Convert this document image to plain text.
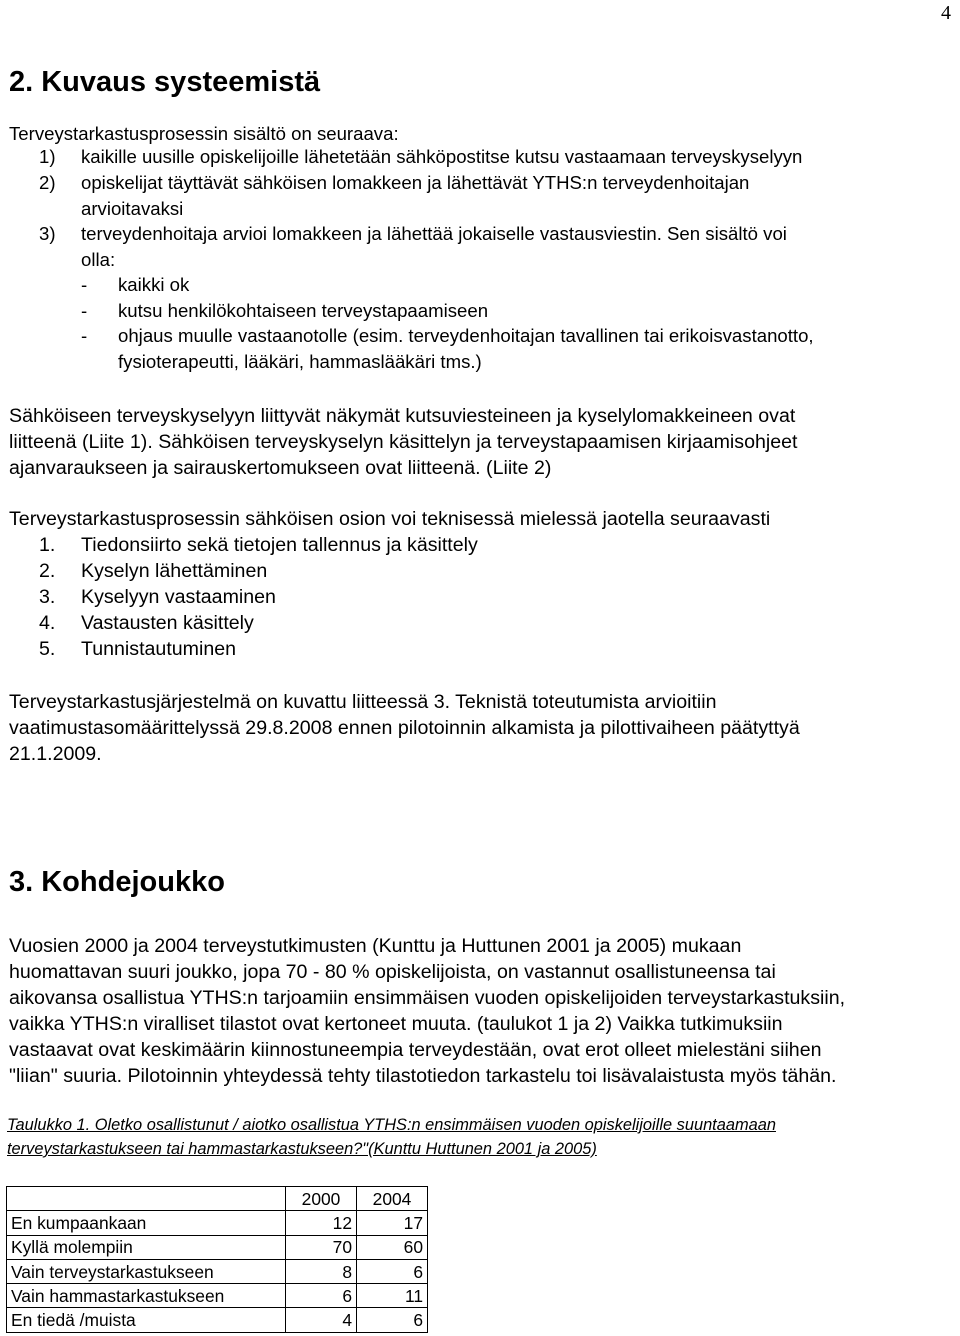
4
2. Kuvaus systeemistä
Terveystarkastusprosessin sisältö on seuraava:
1) kaikille uusille opiskelijoille lähetetään sähköpostitse kutsu vastaamaan terveyskyselyyn
2) opiskelijat täyttävät sähköisen lomakkeen ja lähettävät YTHS:n terveydenhoitajan
arvioitavaksi
3) terveydenhoitaja arvioi lomakkeen ja lähettää jokaiselle vastausviestin. Sen sisältö voi
olla:
- kaikki ok
- kutsu henkilökohtaiseen terveystapaamiseen
- ohjaus muulle vastaanotolle (esim. terveydenhoitajan tavallinen tai erikoisvastanotto,
fysioterapeutti, lääkäri, hammaslääkäri tms.)
Sähköiseen terveyskyselyyn liittyvät näkymät kutsuviesteineen ja kyselylomakkeineen ovat
liitteenä (Liite 1). Sähköisen terveyskyselyn käsittelyn ja terveystapaamisen kirjaamisohjeet
ajanvaraukseen ja sairauskertomukseen ovat liitteenä. (Liite 2)
Terveystarkastusprosessin sähköisen osion voi teknisessä mielessä jaotella seuraavasti
1. Tiedonsiirto sekä tietojen tallennus ja käsittely
2. Kyselyn lähettäminen
3. Kyselyyn vastaaminen
4. Vastausten käsittely
5. Tunnistautuminen
Terveystarkastusjärjestelmä on kuvattu liitteessä 3. Teknistä toteutumista arvioitiin
vaatimustasomäärittelyssä 29.8.2008 ennen pilotoinnin alkamista ja pilottivaiheen päätyttyä
21.1.2009.
3. Kohdejoukko
Vuosien 2000 ja 2004 terveystutkimusten (Kunttu ja Huttunen 2001 ja 2005) mukaan
huomattavan suuri joukko, jopa 70 - 80 % opiskelijoista, on vastannut osallistuneensa tai
aikovansa osallistua YTHS:n tarjoamiin ensimmäisen vuoden opiskelijoiden terveystarkastuksiin,
vaikka YTHS:n viralliset tilastot ovat kertoneet muuta. (taulukot 1 ja 2) Vaikka tutkimuksiin
vastaavat ovat keskimäärin kiinnostuneempia terveydestään, ovat erot olleet mielestäni siihen
"liian" suuria. Pilotoinnin yhteydessä tehty tilastotiedon tarkastelu toi lisävalaistusta myös tähän.
Taulukko 1. Oletko osallistunut / aiotko osallistua YTHS:n ensimmäisen vuoden opiskelijoille suuntaamaan
terveystarkastukseen tai hammastarkastukseen?"(Kunttu Huttunen 2001 ja 2005)
	2000	2004
En kumpaankaan	12	17
Kyllä molempiin	70	60
Vain terveystarkastukseen	8	6
Vain hammastarkastukseen	6	11
En tiedä /muista	4	6
